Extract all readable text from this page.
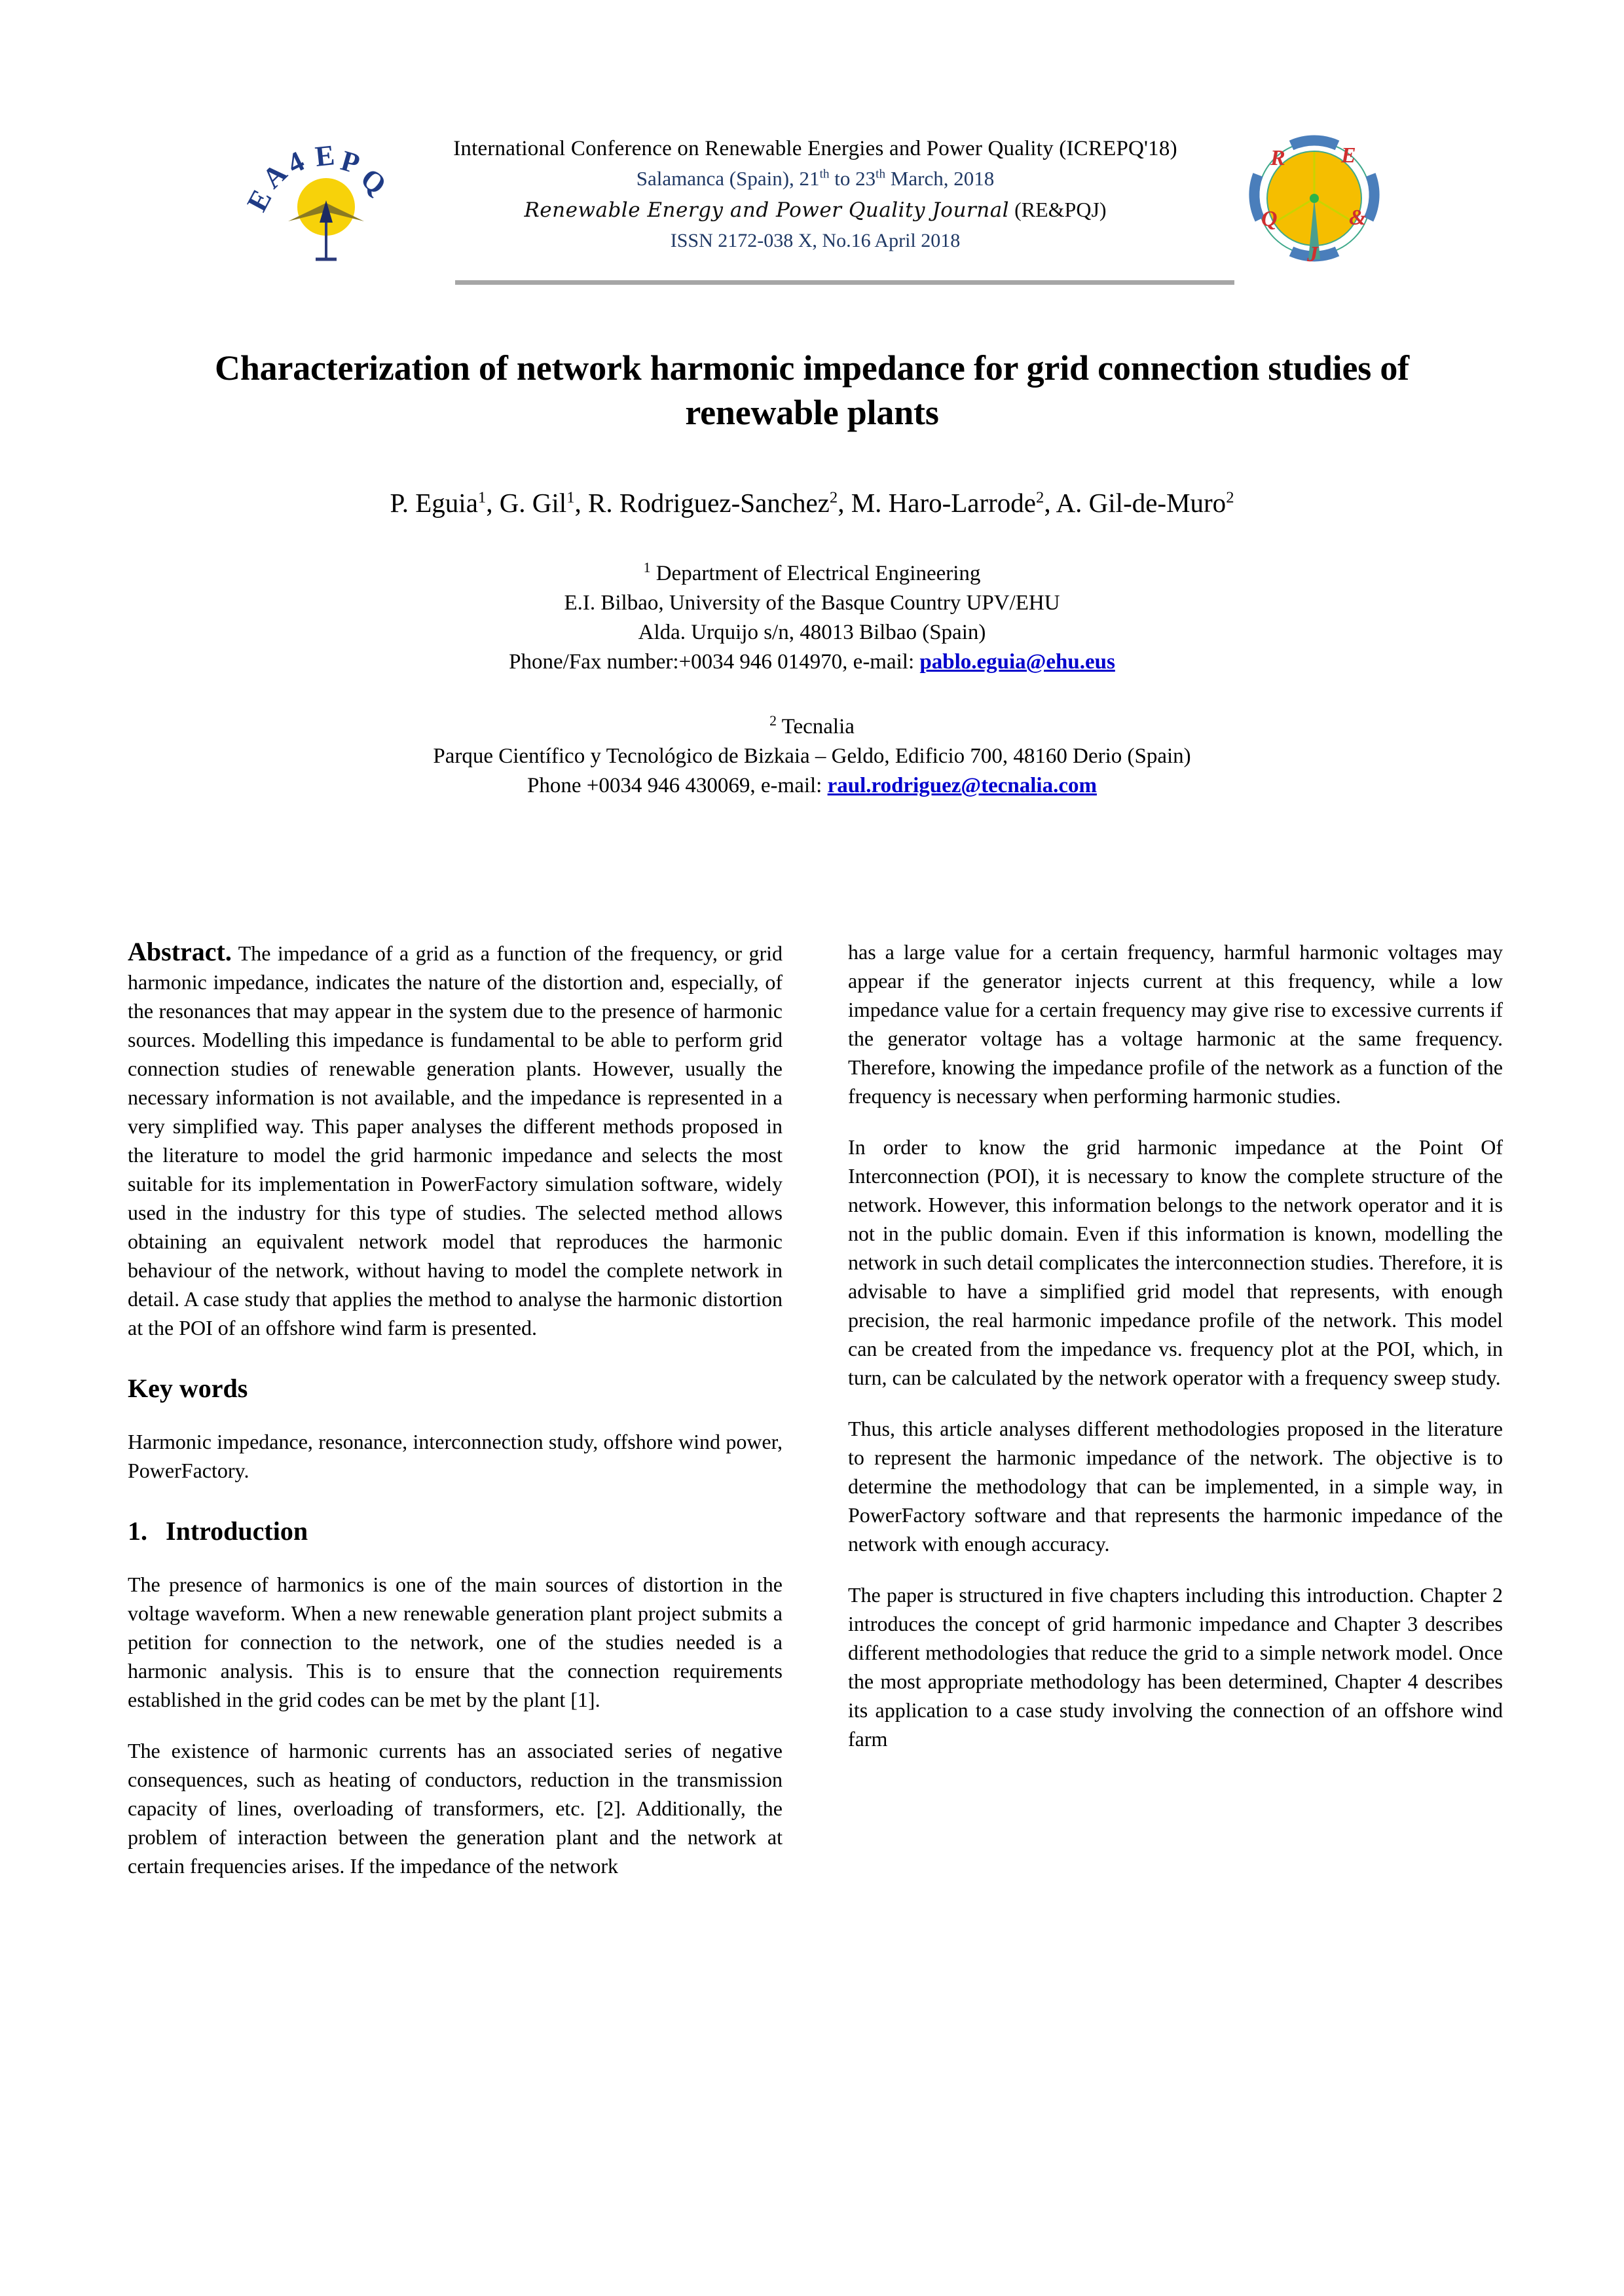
E
A
4 E P
Q
International Conference on Renewable Energies and Power Quality (ICREPQ'18)
Salamanca (Spain), 21th to 23th March, 2018
Renewable Energy and Power Quality Journal (RE&PQJ)
ISSN 2172-038 X, No.16 April 2018
R	E
Q	&
J
Characterization of network harmonic impedance for grid connection studies of renewable plants
P. Eguia$^1$, G. Gil$^1$, R. Rodriguez-Sanchez$^2$, M. Haro-Larrode$^2$, A. Gil-de-Muro$^2$
$^1$ Department of Electrical Engineering
E.I. Bilbao, University of the Basque Country UPV/EHU
Alda. Urquijo s/n, 48013 Bilbao (Spain)
Phone/Fax number:+0034 946 014970, e-mail: pablo.eguia@ehu.eus
$^2$ Tecnalia
Parque Científico y Tecnológico de Bizkaia – Geldo, Edificio 700, 48160 Derio (Spain)
Phone +0034 946 430069, e-mail: raul.rodriguez@tecnalia.com

Abstract. The impedance of a grid as a function of the frequency, or grid harmonic impedance, indicates the nature of the distortion and, especially, of the resonances that may appear in the system due to the presence of harmonic sources. Modelling this impedance is fundamental to be able to perform grid connection studies of renewable generation plants. However, usually the necessary information is not available, and the impedance is represented in a very simplified way. This paper analyses the different methods proposed in the literature to model the grid harmonic impedance and selects the most suitable for its implementation in PowerFactory simulation software, widely used in the industry for this type of studies. The selected method allows obtaining an equivalent network model that reproduces the harmonic behaviour of the network, without having to model the complete network in detail. A case study that applies the method to analyse the harmonic distortion at the POI of an offshore wind farm is presented.

Key words

Harmonic impedance, resonance, interconnection study, offshore wind power, PowerFactory.

1. Introduction

The presence of harmonics is one of the main sources of distortion in the voltage waveform. When a new renewable generation plant project submits a petition for connection to the network, one of the studies needed is a harmonic analysis. This is to ensure that the connection requirements established in the grid codes can be met by the plant [1].

The existence of harmonic currents has an associated series of negative consequences, such as heating of conductors, reduction in the transmission capacity of lines, overloading of transformers, etc. [2]. Additionally, the problem of interaction between the generation plant and the network at certain frequencies arises. If the impedance of the network

has a large value for a certain frequency, harmful harmonic voltages may appear if the generator injects current at this frequency, while a low impedance value for a certain frequency may give rise to excessive currents if the generator voltage has a voltage harmonic at the same frequency. Therefore, knowing the impedance profile of the network as a function of the frequency is necessary when performing harmonic studies.

In order to know the grid harmonic impedance at the Point Of Interconnection (POI), it is necessary to know the complete structure of the network. However, this information belongs to the network operator and it is not in the public domain. Even if this information is known, modelling the network in such detail complicates the interconnection studies. Therefore, it is advisable to have a simplified grid model that represents, with enough precision, the real harmonic impedance profile of the network. This model can be created from the impedance vs. frequency plot at the POI, which, in turn, can be calculated by the network operator with a frequency sweep study.

Thus, this article analyses different methodologies proposed in the literature to represent the harmonic impedance of the network. The objective is to determine the methodology that can be implemented, in a simple way, in PowerFactory software and that represents the harmonic impedance of the network with enough accuracy.

The paper is structured in five chapters including this introduction. Chapter 2 introduces the concept of grid harmonic impedance and Chapter 3 describes different methodologies that reduce the grid to a simple network model. Once the most appropriate methodology has been determined, Chapter 4 describes its application to a case study involving the connection of an offshore wind farm
